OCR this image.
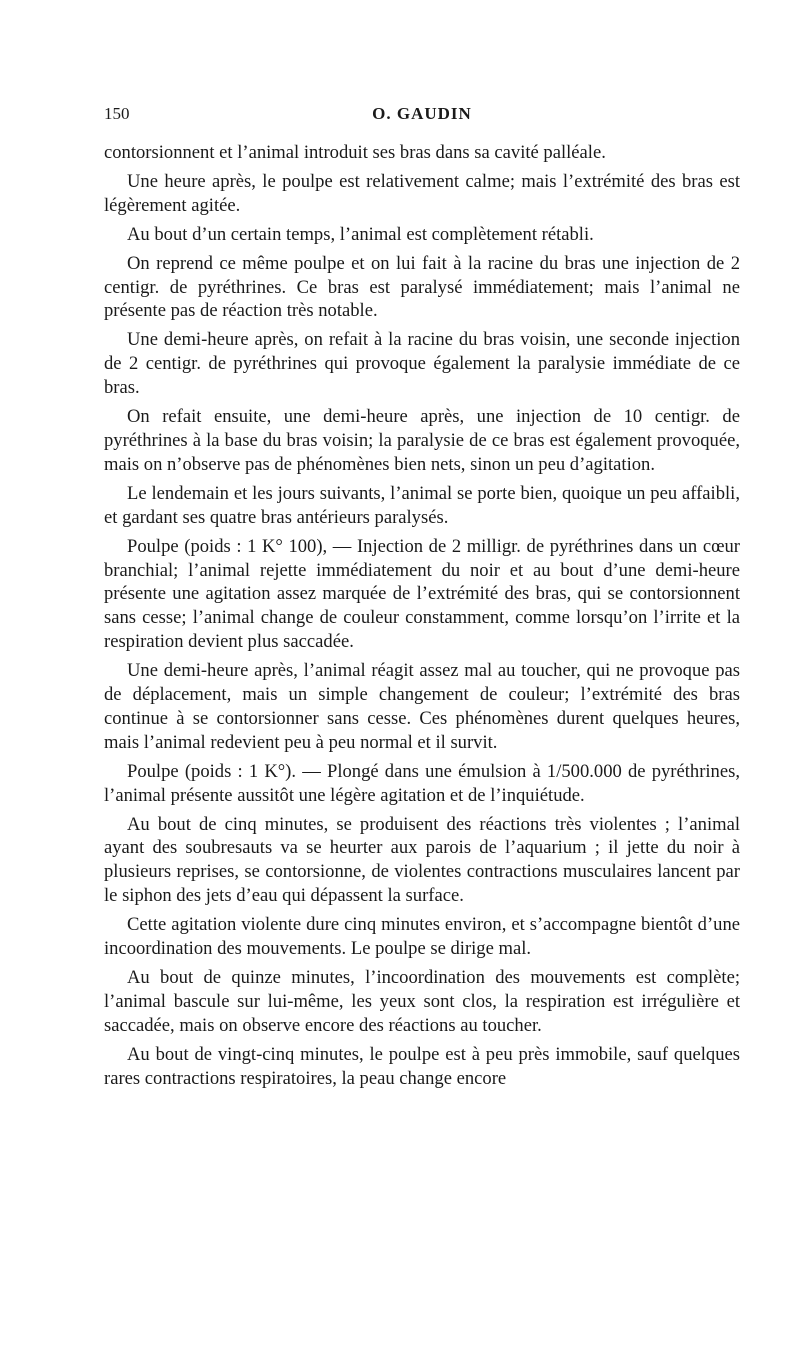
150	O. GAUDIN

contorsionnent et l’animal introduit ses bras dans sa cavité palléale.

Une heure après, le poulpe est relativement calme; mais l’extrémité des bras est légèrement agitée.

Au bout d’un certain temps, l’animal est complètement rétabli.

On reprend ce même poulpe et on lui fait à la racine du bras une injection de 2 centigr. de pyréthrines. Ce bras est paralysé immédiatement; mais l’animal ne présente pas de réaction très notable.

Une demi-heure après, on refait à la racine du bras voisin, une seconde injection de 2 centigr. de pyréthrines qui provoque également la paralysie immédiate de ce bras.

On refait ensuite, une demi-heure après, une injection de 10 centigr. de pyréthrines à la base du bras voisin; la paralysie de ce bras est également provoquée, mais on n’observe pas de phénomènes bien nets, sinon un peu d’agitation.

Le lendemain et les jours suivants, l’animal se porte bien, quoique un peu affaibli, et gardant ses quatre bras antérieurs paralysés.

Poulpe (poids : 1 K° 100), — Injection de 2 milligr. de pyréthrines dans un cœur branchial; l’animal rejette immédiatement du noir et au bout d’une demi-heure présente une agitation assez marquée de l’extrémité des bras, qui se contorsionnent sans cesse; l’animal change de couleur constamment, comme lorsqu’on l’irrite et la respiration devient plus saccadée.

Une demi-heure après, l’animal réagit assez mal au toucher, qui ne provoque pas de déplacement, mais un simple changement de couleur; l’extrémité des bras continue à se contorsionner sans cesse. Ces phénomènes durent quelques heures, mais l’animal redevient peu à peu normal et il survit.

Poulpe (poids : 1 K°). — Plongé dans une émulsion à 1/500.000 de pyréthrines, l’animal présente aussitôt une légère agitation et de l’inquiétude.

Au bout de cinq minutes, se produisent des réactions très violentes ; l’animal ayant des soubresauts va se heurter aux parois de l’aquarium ; il jette du noir à plusieurs reprises, se contorsionne, de violentes contractions musculaires lancent par le siphon des jets d’eau qui dépassent la surface.

Cette agitation violente dure cinq minutes environ, et s’accompagne bientôt d’une incoordination des mouvements. Le poulpe se dirige mal.

Au bout de quinze minutes, l’incoordination des mouvements est complète; l’animal bascule sur lui-même, les yeux sont clos, la respiration est irrégulière et saccadée, mais on observe encore des réactions au toucher.

Au bout de vingt-cinq minutes, le poulpe est à peu près immobile, sauf quelques rares contractions respiratoires, la peau change encore
